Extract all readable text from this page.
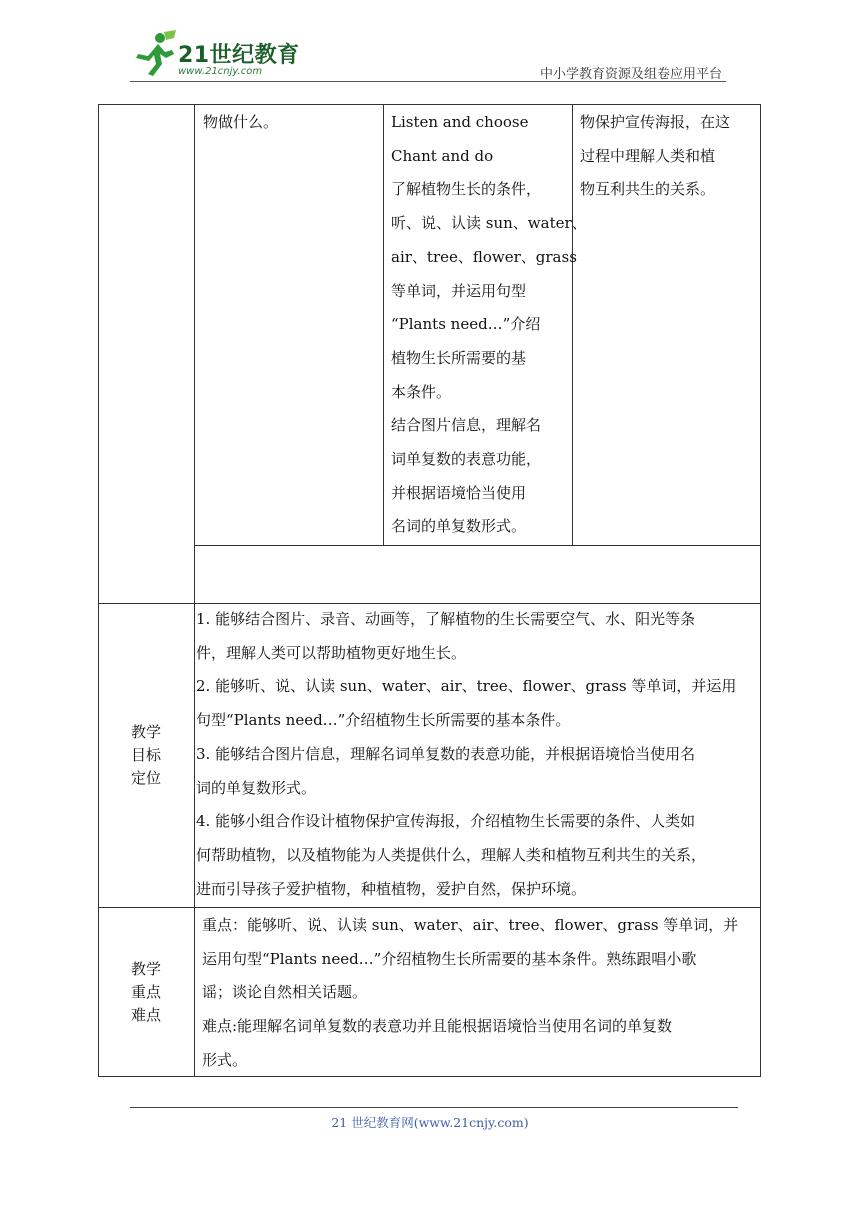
21世纪教育
www.21cnjy.com	中小学教育资源及组卷应用平台
物做什么。	Listen and choose
Chant and do
了解植物生长的条件，
听、说、认读 sun、water、
air、tree、flower、grass
等单词，并运用句型
“Plants need…”介绍
植物生长所需要的基
本条件。
结合图片信息，理解名
词单复数的表意功能，
并根据语境恰当使用
名词的单复数形式。
物保护宣传海报，在这
过程中理解人类和植
物互利共生的关系。
教学
目标
定位
1. 能够结合图片、录音、动画等，了解植物的生长需要空气、水、阳光等条
件，理解人类可以帮助植物更好地生长。
2. 能够听、说、认读 sun、water、air、tree、flower、grass 等单词，并运用
句型“Plants need…”介绍植物生长所需要的基本条件。
3. 能够结合图片信息，理解名词单复数的表意功能，并根据语境恰当使用名
词的单复数形式。
4. 能够小组合作设计植物保护宣传海报，介绍植物生长需要的条件、人类如
何帮助植物，以及植物能为人类提供什么，理解人类和植物互利共生的关系，
进而引导孩子爱护植物，种植植物，爱护自然，保护环境。
教学
重点
难点
重点：能够听、说、认读 sun、water、air、tree、flower、grass 等单词，并
运用句型“Plants need…”介绍植物生长所需要的基本条件。熟练跟唱小歌
谣；谈论自然相关话题。
难点:能理解名词单复数的表意功并且能根据语境恰当使用名词的单复数
形式。
21 世纪教育网(www.21cnjy.com)
